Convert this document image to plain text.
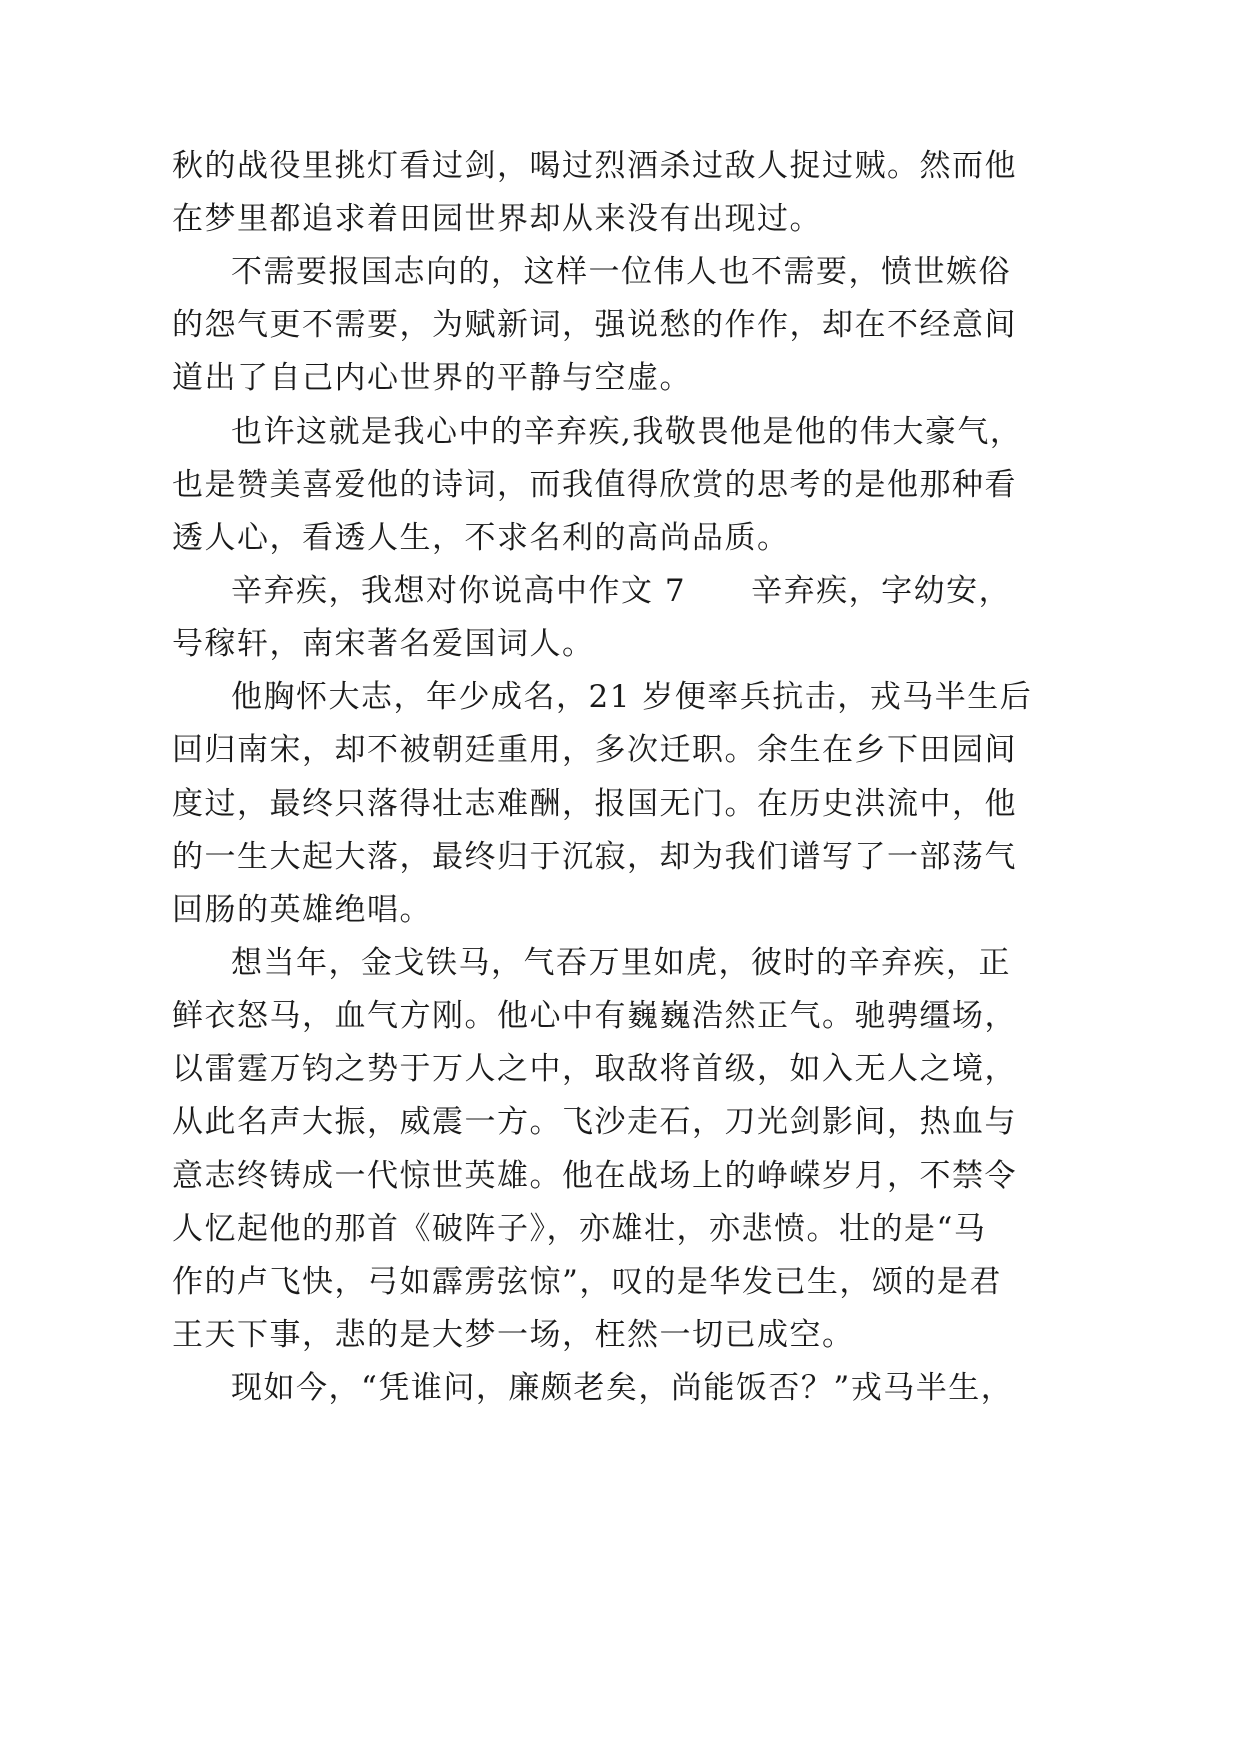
秋的战役里挑灯看过剑，喝过烈酒杀过敌人捉过贼。然而他
在梦里都追求着田园世界却从来没有出现过。
不需要报国志向的，这样一位伟人也不需要，愤世嫉俗
的怨气更不需要，为赋新词，强说愁的作作，却在不经意间
道出了自己内心世界的平静与空虚。
也许这就是我心中的辛弃疾,我敬畏他是他的伟大豪气，
也是赞美喜爱他的诗词，而我值得欣赏的思考的是他那种看
透人心，看透人生，不求名利的高尚品质。
辛弃疾，我想对你说高中作文 7　　辛弃疾，字幼安，
号稼轩，南宋著名爱国词人。
他胸怀大志，年少成名，21 岁便率兵抗击，戎马半生后
回归南宋，却不被朝廷重用，多次迁职。余生在乡下田园间
度过，最终只落得壮志难酬，报国无门。在历史洪流中，他
的一生大起大落，最终归于沉寂，却为我们谱写了一部荡气
回肠的英雄绝唱。
想当年，金戈铁马，气吞万里如虎，彼时的辛弃疾，正
鲜衣怒马，血气方刚。他心中有巍巍浩然正气。驰骋缰场，
以雷霆万钧之势于万人之中，取敌将首级，如入无人之境，
从此名声大振，威震一方。飞沙走石，刀光剑影间，热血与
意志终铸成一代惊世英雄。他在战场上的峥嵘岁月，不禁令
人忆起他的那首《破阵子》，亦雄壮，亦悲愤。壮的是“马
作的卢飞快，弓如霹雳弦惊”，叹的是华发已生，颂的是君
王天下事，悲的是大梦一场，枉然一切已成空。
现如今，“凭谁问，廉颇老矣，尚能饭否？”戎马半生，
